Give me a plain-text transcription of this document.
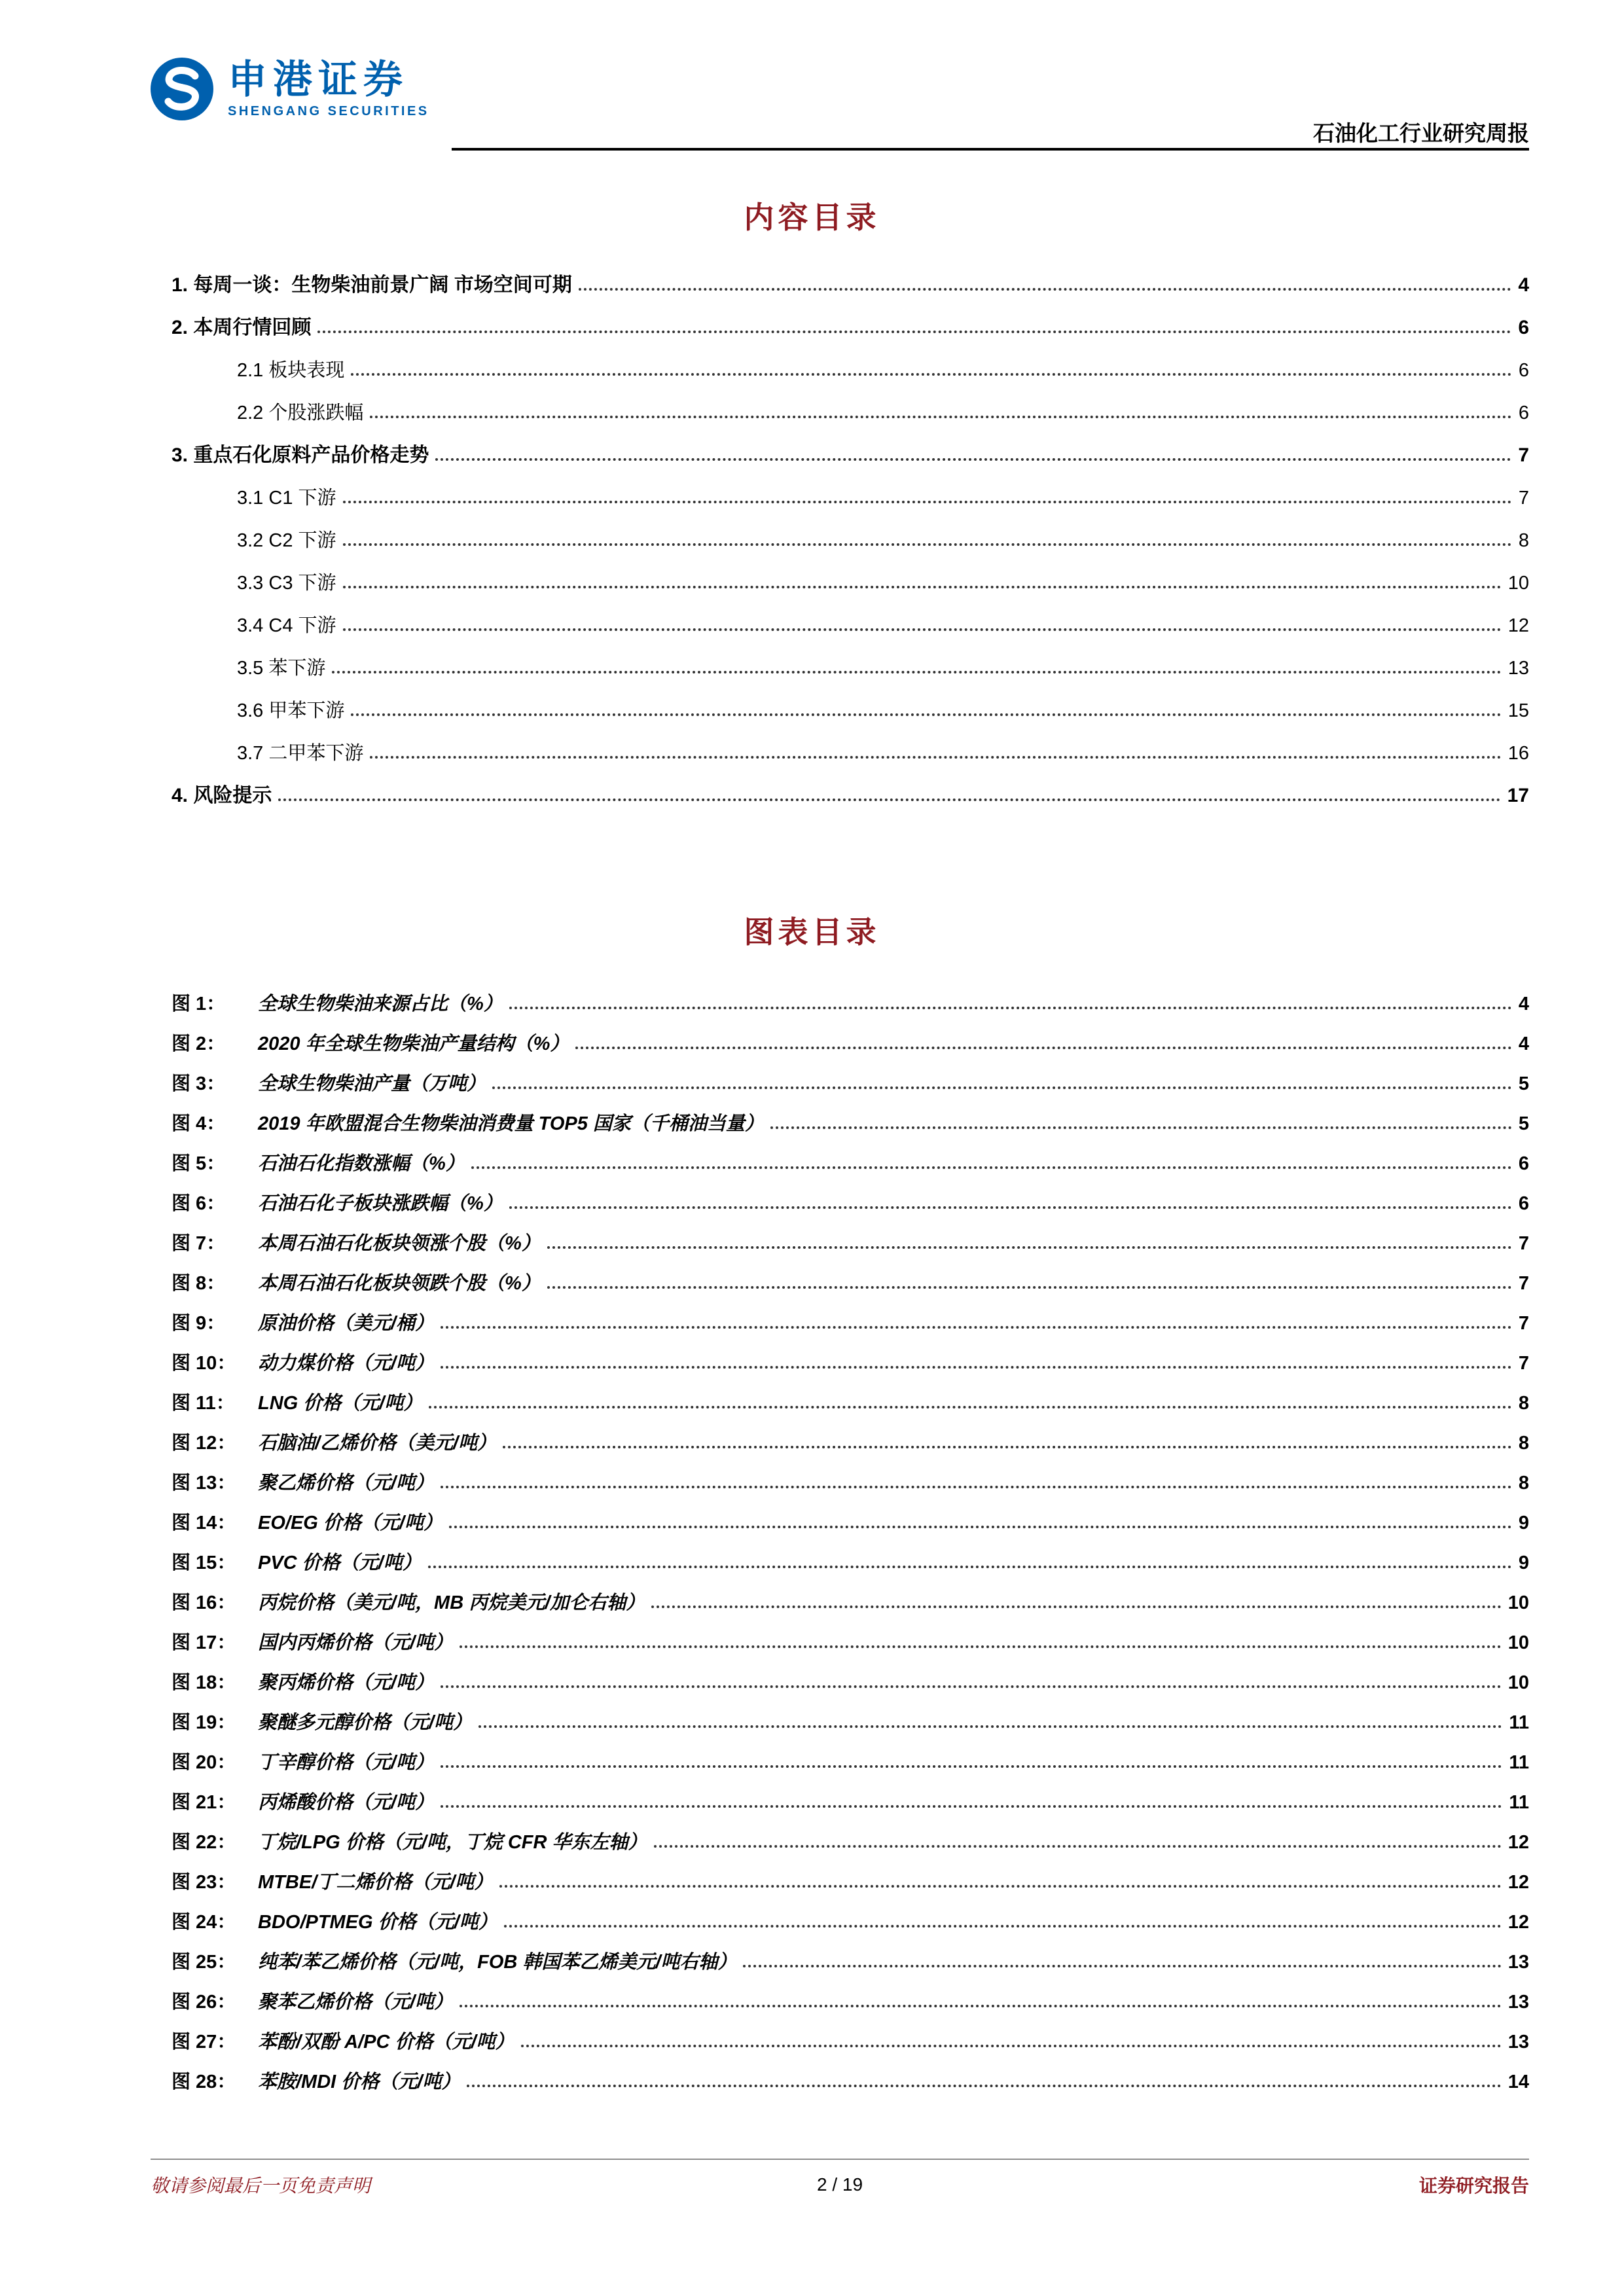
申港证券
SHENGANG SECURITIES
石油化工行业研究周报
内容目录
1. 每周一谈：生物柴油前景广阔 市场空间可期	4
2. 本周行情回顾	6
2.1 板块表现	6
2.2 个股涨跌幅	6
3. 重点石化原料产品价格走势	7
3.1 C1 下游	7
3.2 C2 下游	8
3.3 C3 下游	10
3.4 C4 下游	12
3.5 苯下游	13
3.6 甲苯下游	15
3.7 二甲苯下游	16
4. 风险提示	17
图表目录
图 1：	全球生物柴油来源占比（%）	4
图 2：	2020 年全球生物柴油产量结构（%）	4
图 3：	全球生物柴油产量（万吨）	5
图 4：	2019 年欧盟混合生物柴油消费量 TOP5 国家（千桶油当量）	5
图 5：	石油石化指数涨幅（%）	6
图 6：	石油石化子板块涨跌幅（%）	6
图 7：	本周石油石化板块领涨个股（%）	7
图 8：	本周石油石化板块领跌个股（%）	7
图 9：	原油价格（美元/桶）	7
图 10：	动力煤价格（元/吨）	7
图 11：	LNG 价格（元/吨）	8
图 12：	石脑油/乙烯价格（美元/吨）	8
图 13：	聚乙烯价格（元/吨）	8
图 14：	EO/EG 价格（元/吨）	9
图 15：	PVC 价格（元/吨）	9
图 16：	丙烷价格（美元/吨，MB 丙烷美元/加仑右轴）	10
图 17：	国内丙烯价格（元/吨）	10
图 18：	聚丙烯价格（元/吨）	10
图 19：	聚醚多元醇价格（元/吨）	11
图 20：	丁辛醇价格（元/吨）	11
图 21：	丙烯酸价格（元/吨）	11
图 22：	丁烷/LPG 价格（元/吨，丁烷 CFR 华东左轴）	12
图 23：	MTBE/丁二烯价格（元/吨）	12
图 24：	BDO/PTMEG 价格（元/吨）	12
图 25：	纯苯/苯乙烯价格（元/吨，FOB 韩国苯乙烯美元/吨右轴）	13
图 26：	聚苯乙烯价格（元/吨）	13
图 27：	苯酚/双酚 A/PC 价格（元/吨）	13
图 28：	苯胺/MDI 价格（元/吨）	14
敬请参阅最后一页免责声明	2 / 19	证券研究报告
